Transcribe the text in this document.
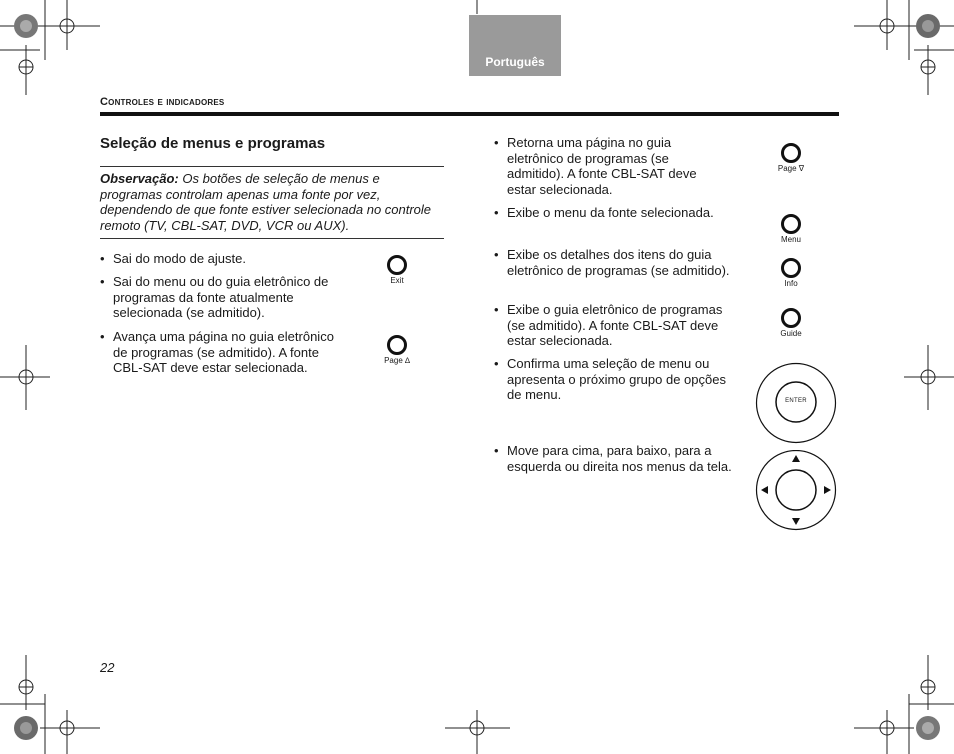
Português
Controles e indicadores
Seleção de menus e programas
Observação: Os botões de seleção de menus e programas controlam apenas uma fonte por vez, dependendo de que fonte estiver selecionada no controle remoto (TV, CBL-SAT, DVD, VCR ou AUX).
• Sai do modo de ajuste.
• Sai do menu ou do guia eletrônico de programas da fonte atualmente selecionada (se admitido).
• Avança uma página no guia eletrônico de programas (se admitido). A fonte CBL-SAT deve estar selecionada.
Exit
Page ∆
• Retorna uma página no guia eletrônico de programas (se admitido). A fonte CBL-SAT deve estar selecionada.
• Exibe o menu da fonte selecionada.
• Exibe os detalhes dos itens do guia eletrônico de programas (se admitido).
• Exibe o guia eletrônico de programas (se admitido). A fonte CBL-SAT deve estar selecionada.
• Confirma uma seleção de menu ou apresenta o próximo grupo de opções de menu.
• Move para cima, para baixo, para a esquerda ou direita nos menus da tela.
Page ∇
Menu
Info
Guide
ENTER
22
